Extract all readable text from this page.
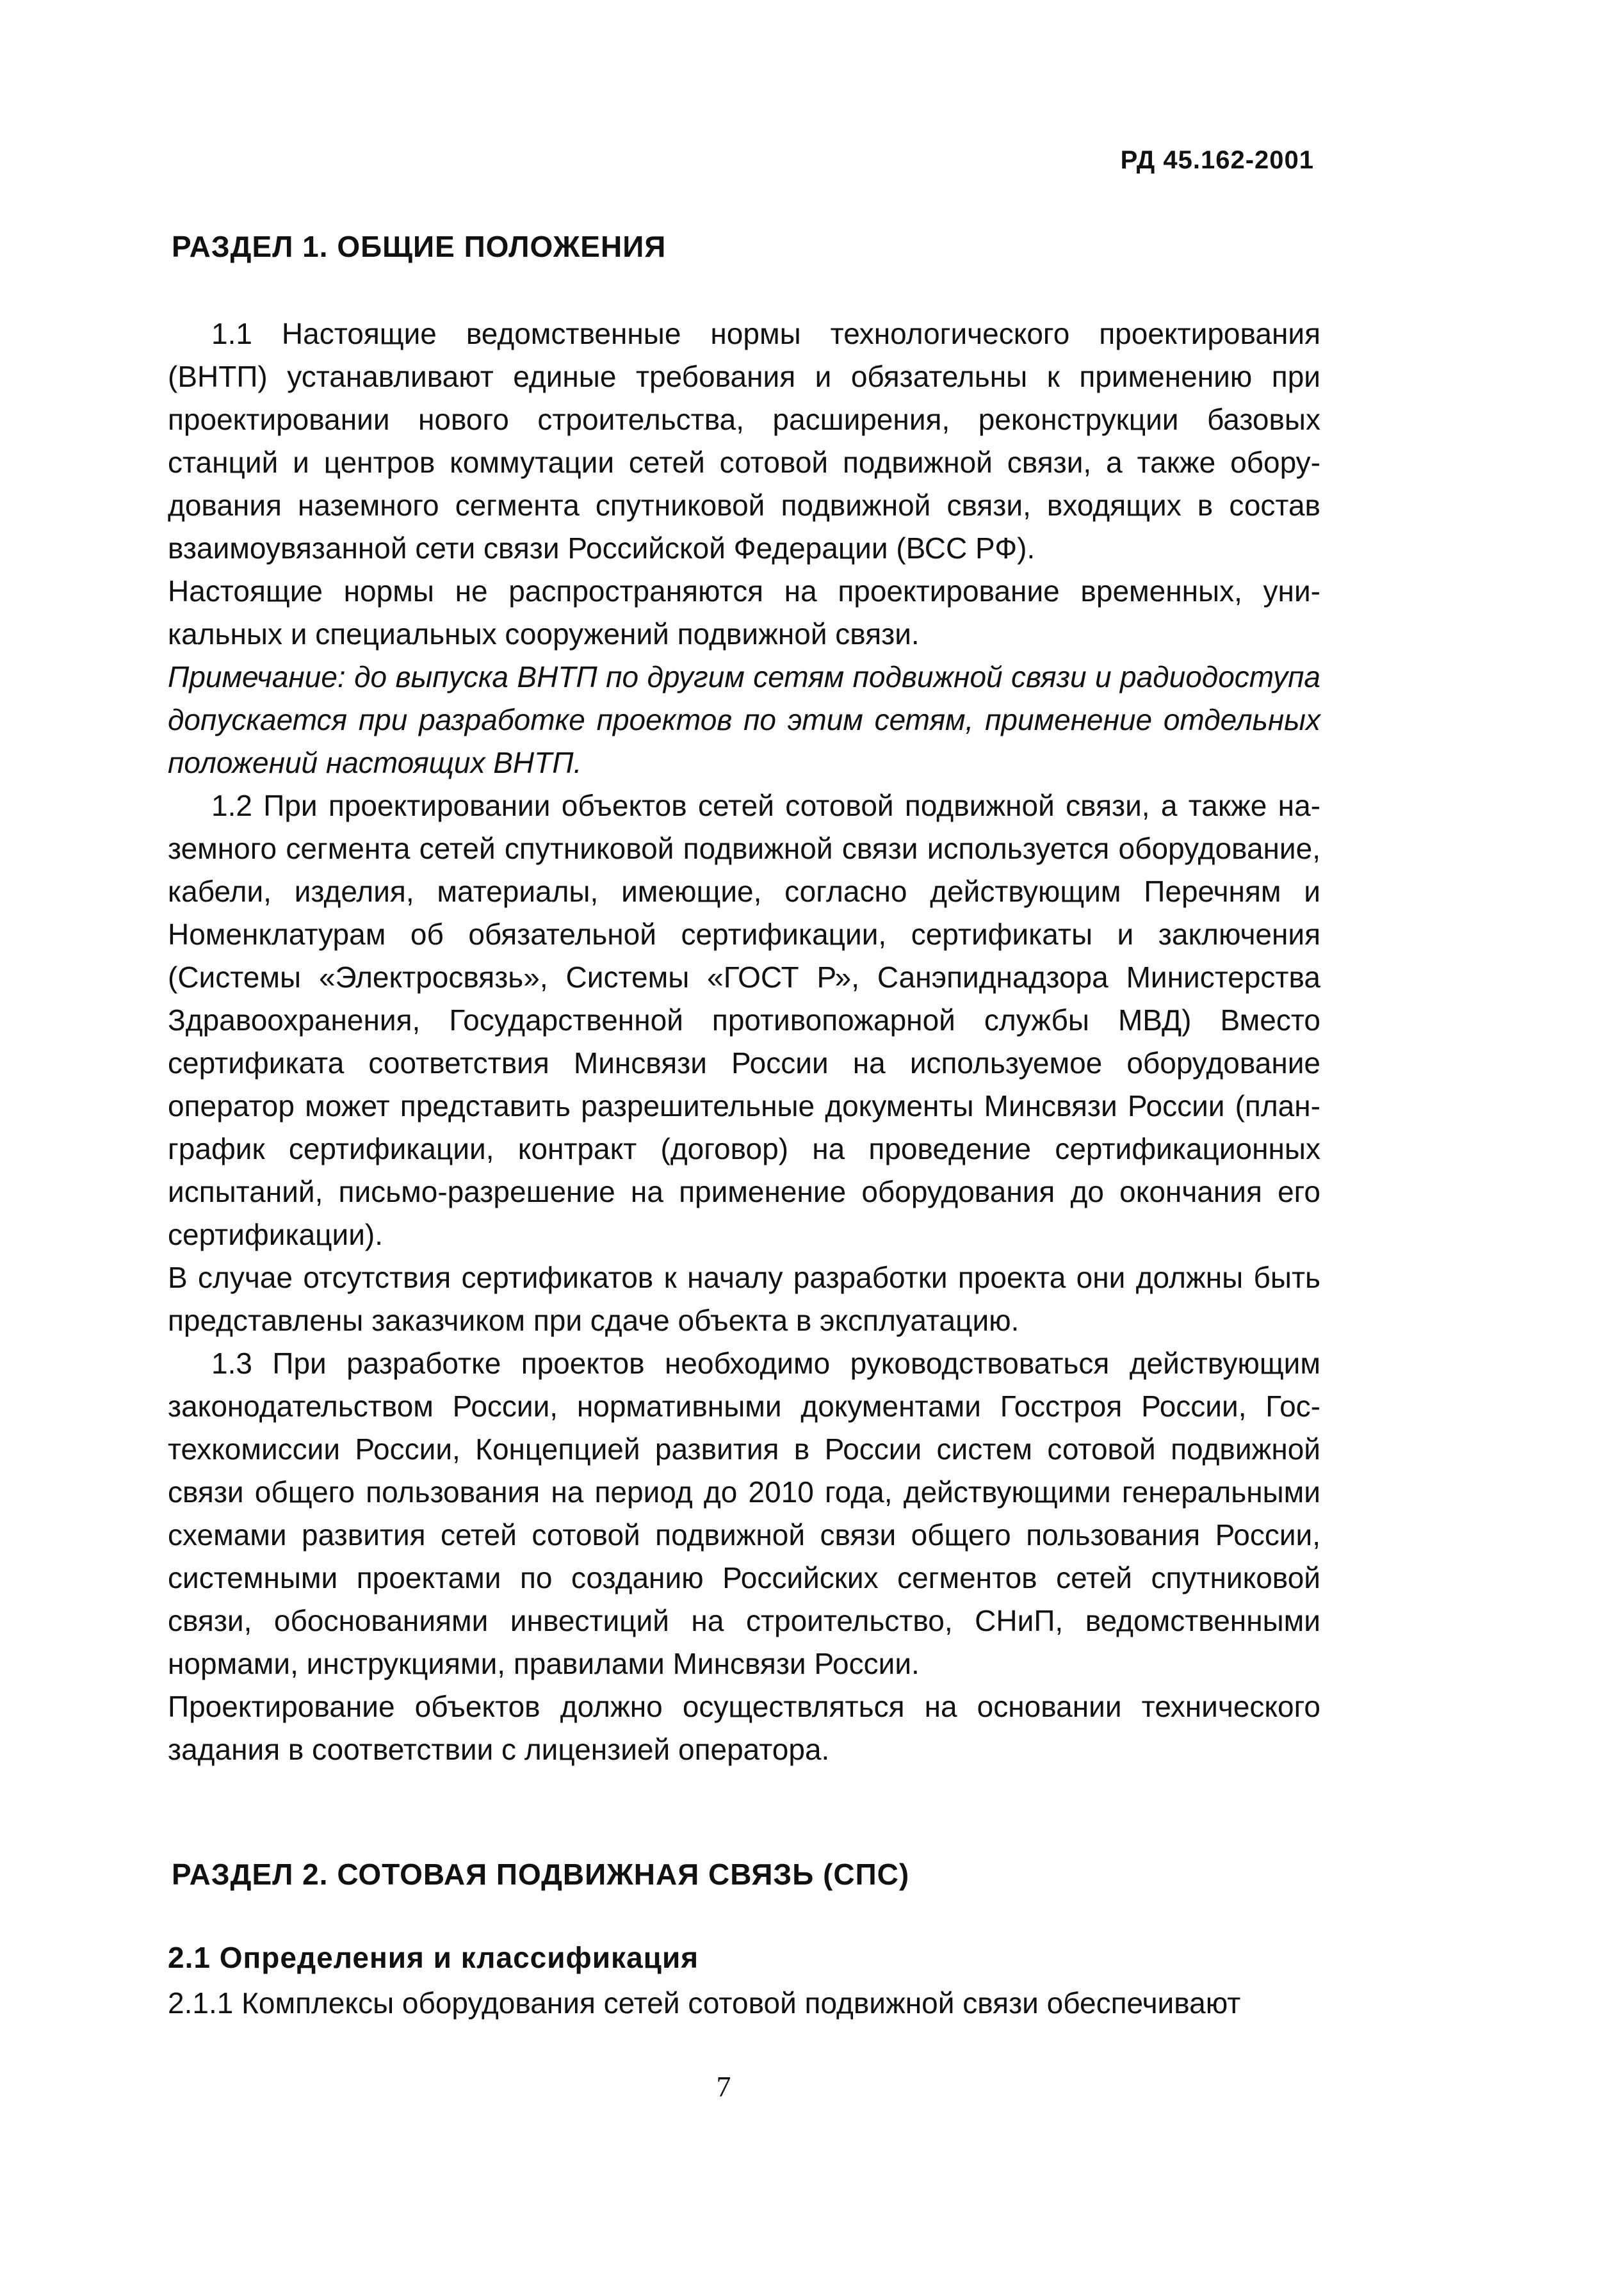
РД 45.162-2001
РАЗДЕЛ 1. ОБЩИЕ ПОЛОЖЕНИЯ

1.1 Настоящие ведомственные нормы технологического проектирования (ВНТП) устанавливают единые требования и обязательны к применению при проектировании нового строительства, расширения, реконструкции базовых станций и центров коммутации сетей сотовой подвижной связи, а также оборудования наземного сегмента спутниковой подвижной связи, входящих в состав взаимоувязанной сети связи Российской Федерации (ВСС РФ).

Настоящие нормы не распространяются на проектирование временных, уникальных и специальных сооружений подвижной связи.

Примечание: до выпуска ВНТП по другим сетям подвижной связи и радиодоступа допускается при разработке проектов по этим сетям, применение отдельных положений настоящих ВНТП.

1.2 При проектировании объектов сетей сотовой подвижной связи, а также наземного сегмента сетей спутниковой подвижной связи используется оборудование, кабели, изделия, материалы, имеющие, согласно действующим Перечням и Номенклатурам об обязательной сертификации, сертификаты и заключения (Системы «Электросвязь», Системы «ГОСТ Р», Санэпиднадзора Министерства Здравоохранения, Государственной противопожарной службы МВД) Вместо сертификата соответствия Минсвязи России на используемое оборудование оператор может представить разрешительные документы Минсвязи России (план-график сертификации, контракт (договор) на проведение сертификационных испытаний, письмо-разрешение на применение оборудования до окончания его сертификации).

В случае отсутствия сертификатов к началу разработки проекта они должны быть представлены заказчиком при сдаче объекта в эксплуатацию.

1.3 При разработке проектов необходимо руководствоваться действующим законодательством России, нормативными документами Госстроя России, Гостехкомиссии России, Концепцией развития в России систем сотовой подвижной связи общего пользования на период до 2010 года, действующими генеральными схемами развития сетей сотовой подвижной связи общего пользования России, системными проектами по созданию Российских сегментов сетей спутниковой связи, обоснованиями инвестиций на строительство, СНиП, ведомственными нормами, инструкциями, правилами Минсвязи России.

Проектирование объектов должно осуществляться на основании технического задания в соответствии с лицензией оператора.

РАЗДЕЛ 2. СОТОВАЯ ПОДВИЖНАЯ СВЯЗЬ (СПС)
2.1 Определения и классификация
2.1.1 Комплексы оборудования сетей сотовой подвижной связи обеспечивают
7
